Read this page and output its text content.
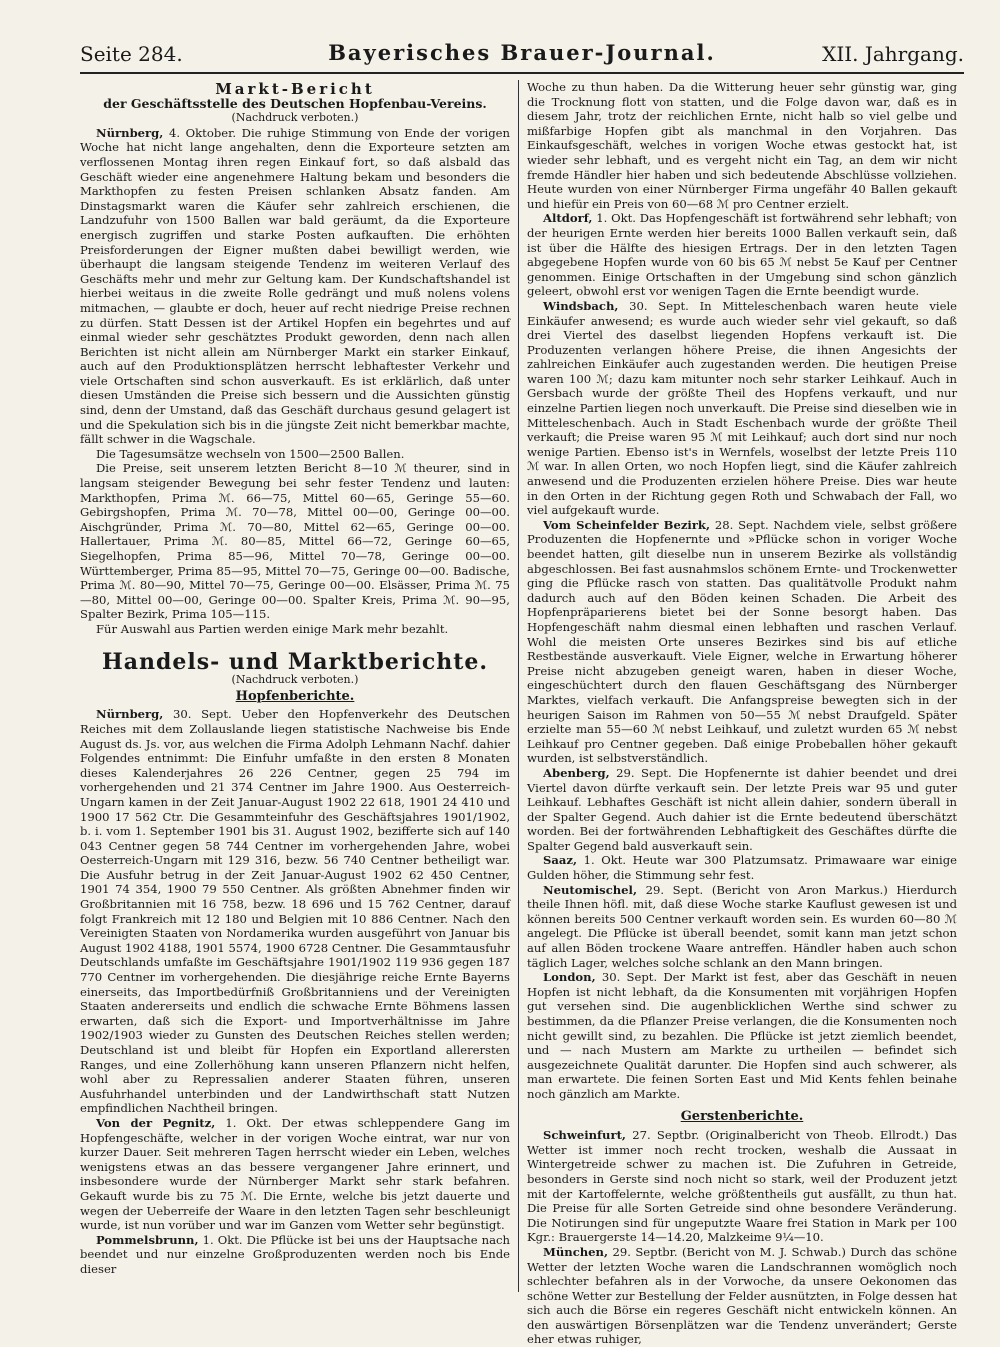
Seite 284.	Bayerisches Brauer-Journal.	XII. Jahrgang.
Markt-Bericht
der Geschäftsstelle des Deutschen Hopfenbau-Vereins.
(Nachdruck verboten.)

Nürnberg, 4. Oktober. Die ruhige Stimmung von Ende der vorigen Woche hat nicht lange angehalten, denn die Exporteure setzten am verflossenen Montag ihren regen Einkauf fort, so daß alsbald das Geschäft wieder eine angenehmere Haltung bekam und besonders die Markthopfen zu festen Preisen schlanken Absatz fanden. Am Dinstagsmarkt waren die Käufer sehr zahlreich erschienen, die Landzufuhr von 1500 Ballen war bald geräumt, da die Exporteure energisch zugriffen und starke Posten aufkauften. Die erhöhten Preisforderungen der Eigner mußten dabei bewilligt werden, wie überhaupt die langsam steigende Tendenz im weiteren Verlauf des Geschäfts mehr und mehr zur Geltung kam. Der Kundschaftshandel ist hierbei weitaus in die zweite Rolle gedrängt und muß nolens volens mitmachen, — glaubte er doch, heuer auf recht niedrige Preise rechnen zu dürfen. Statt Dessen ist der Artikel Hopfen ein begehrtes und auf einmal wieder sehr geschätztes Produkt geworden, denn nach allen Berichten ist nicht allein am Nürnberger Markt ein starker Einkauf, auch auf den Produktionsplätzen herrscht lebhaftester Verkehr und viele Ortschaften sind schon ausverkauft. Es ist erklärlich, daß unter diesen Umständen die Preise sich bessern und die Aussichten günstig sind, denn der Umstand, daß das Geschäft durchaus gesund gelagert ist und die Spekulation sich bis in die jüngste Zeit nicht bemerkbar machte, fällt schwer in die Wagschale.

Die Tagesumsätze wechseln von 1500—2500 Ballen.

Die Preise, seit unserem letzten Bericht 8—10 ℳ theurer, sind in langsam steigender Bewegung bei sehr fester Tendenz und lauten: Markthopfen, Prima ℳ. 66—75, Mittel 60—65, Geringe 55—60. Gebirgshopfen, Prima ℳ. 70—78, Mittel 00—00, Geringe 00—00. Aischgründer, Prima ℳ. 70—80, Mittel 62—65, Geringe 00—00. Hallertauer, Prima ℳ. 80—85, Mittel 66—72, Geringe 60—65, Siegelhopfen, Prima 85—96, Mittel 70—78, Geringe 00—00. Württemberger, Prima 85—95, Mittel 70—75, Geringe 00—00. Badische, Prima ℳ. 80—90, Mittel 70—75, Geringe 00—00. Elsässer, Prima ℳ. 75—80, Mittel 00—00, Geringe 00—00. Spalter Kreis, Prima ℳ. 90—95, Spalter Bezirk, Prima 105—115.

Für Auswahl aus Partien werden einige Mark mehr bezahlt.

Handels- und Marktberichte.
(Nachdruck verboten.)
Hopfenberichte.

Nürnberg, 30. Sept. Ueber den Hopfenverkehr des Deutschen Reiches mit dem Zollauslande liegen statistische Nachweise bis Ende August ds. Js. vor, aus welchen die Firma Adolph Lehmann Nachf. dahier Folgendes entnimmt: Die Einfuhr umfaßte in den ersten 8 Monaten dieses Kalenderjahres 26 226 Centner, gegen 25 794 im vorhergehenden und 21 374 Centner im Jahre 1900. Aus Oesterreich-Ungarn kamen in der Zeit Januar-August 1902 22 618, 1901 24 410 und 1900 17 562 Ctr. Die Gesammteinfuhr des Geschäftsjahres 1901/1902, b. i. vom 1. September 1901 bis 31. August 1902, bezifferte sich auf 140 043 Centner gegen 58 744 Centner im vorhergehenden Jahre, wobei Oesterreich-Ungarn mit 129 316, bezw. 56 740 Centner betheiligt war. Die Ausfuhr betrug in der Zeit Januar-August 1902 62 450 Centner, 1901 74 354, 1900 79 550 Centner. Als größten Abnehmer finden wir Großbritannien mit 16 758, bezw. 18 696 und 15 762 Centner, darauf folgt Frankreich mit 12 180 und Belgien mit 10 886 Centner. Nach den Vereinigten Staaten von Nordamerika wurden ausgeführt von Januar bis August 1902 4188, 1901 5574, 1900 6728 Centner. Die Gesammtausfuhr Deutschlands umfaßte im Geschäftsjahre 1901/1902 119 936 gegen 187 770 Centner im vorhergehenden. Die diesjährige reiche Ernte Bayerns einerseits, das Importbedürfniß Großbritanniens und der Vereinigten Staaten andererseits und endlich die schwache Ernte Böhmens lassen erwarten, daß sich die Export- und Importverhältnisse im Jahre 1902/1903 wieder zu Gunsten des Deutschen Reiches stellen werden; Deutschland ist und bleibt für Hopfen ein Exportland allerersten Ranges, und eine Zollerhöhung kann unseren Pflanzern nicht helfen, wohl aber zu Repressalien anderer Staaten führen, unseren Ausfuhrhandel unterbinden und der Landwirthschaft statt Nutzen empfindlichen Nachtheil bringen.

Von der Pegnitz, 1. Okt. Der etwas schleppendere Gang im Hopfengeschäfte, welcher in der vorigen Woche eintrat, war nur von kurzer Dauer. Seit mehreren Tagen herrscht wieder ein Leben, welches wenigstens etwas an das bessere vergangener Jahre erinnert, und insbesondere wurde der Nürnberger Markt sehr stark befahren. Gekauft wurde bis zu 75 ℳ. Die Ernte, welche bis jetzt dauerte und wegen der Ueberreife der Waare in den letzten Tagen sehr beschleunigt wurde, ist nun vorüber und war im Ganzen vom Wetter sehr begünstigt.

Pommelsbrunn, 1. Okt. Die Pflücke ist bei uns der Hauptsache nach beendet und nur einzelne Großproduzenten werden noch bis Ende dieser

Woche zu thun haben. Da die Witterung heuer sehr günstig war, ging die Trocknung flott von statten, und die Folge davon war, daß es in diesem Jahr, trotz der reichlichen Ernte, nicht halb so viel gelbe und mißfarbige Hopfen gibt als manchmal in den Vorjahren. Das Einkaufsgeschäft, welches in vorigen Woche etwas gestockt hat, ist wieder sehr lebhaft, und es vergeht nicht ein Tag, an dem wir nicht fremde Händler hier haben und sich bedeutende Abschlüsse vollziehen. Heute wurden von einer Nürnberger Firma ungefähr 40 Ballen gekauft und hiefür ein Preis von 60—68 ℳ pro Centner erzielt.

Altdorf, 1. Okt. Das Hopfengeschäft ist fortwährend sehr lebhaft; von der heurigen Ernte werden hier bereits 1000 Ballen verkauft sein, daß ist über die Hälfte des hiesigen Ertrags. Der in den letzten Tagen abgegebene Hopfen wurde von 60 bis 65 ℳ nebst 5e Kauf per Centner genommen. Einige Ortschaften in der Umgebung sind schon gänzlich geleert, obwohl erst vor wenigen Tagen die Ernte beendigt wurde.

Windsbach, 30. Sept. In Mitteleschenbach waren heute viele Einkäufer anwesend; es wurde auch wieder sehr viel gekauft, so daß drei Viertel des daselbst liegenden Hopfens verkauft ist. Die Produzenten verlangen höhere Preise, die ihnen Angesichts der zahlreichen Einkäufer auch zugestanden werden. Die heutigen Preise waren 100 ℳ; dazu kam mitunter noch sehr starker Leihkauf. Auch in Gersbach wurde der größte Theil des Hopfens verkauft, und nur einzelne Partien liegen noch unverkauft. Die Preise sind dieselben wie in Mitteleschenbach. Auch in Stadt Eschenbach wurde der größte Theil verkauft; die Preise waren 95 ℳ mit Leihkauf; auch dort sind nur noch wenige Partien. Ebenso ist's in Wernfels, woselbst der letzte Preis 110 ℳ war. In allen Orten, wo noch Hopfen liegt, sind die Käufer zahlreich anwesend und die Produzenten erzielen höhere Preise. Dies war heute in den Orten in der Richtung gegen Roth und Schwabach der Fall, wo viel aufgekauft wurde.

Vom Scheinfelder Bezirk, 28. Sept. Nachdem viele, selbst größere Produzenten die Hopfenernte und »Pflücke schon in voriger Woche beendet hatten, gilt dieselbe nun in unserem Bezirke als vollständig abgeschlossen. Bei fast ausnahmslos schönem Ernte- und Trockenwetter ging die Pflücke rasch von statten. Das qualitätvolle Produkt nahm dadurch auch auf den Böden keinen Schaden. Die Arbeit des Hopfenpräparierens bietet bei der Sonne besorgt haben. Das Hopfengeschäft nahm diesmal einen lebhaften und raschen Verlauf. Wohl die meisten Orte unseres Bezirkes sind bis auf etliche Restbestände ausverkauft. Viele Eigner, welche in Erwartung höherer Preise nicht abzugeben geneigt waren, haben in dieser Woche, eingeschüchtert durch den flauen Geschäftsgang des Nürnberger Marktes, vielfach verkauft. Die Anfangspreise bewegten sich in der heurigen Saison im Rahmen von 50—55 ℳ nebst Draufgeld. Später erzielte man 55—60 ℳ nebst Leihkauf, und zuletzt wurden 65 ℳ nebst Leihkauf pro Centner gegeben. Daß einige Probeballen höher gekauft wurden, ist selbstverständlich.

Abenberg, 29. Sept. Die Hopfenernte ist dahier beendet und drei Viertel davon dürfte verkauft sein. Der letzte Preis war 95 und guter Leihkauf. Lebhaftes Geschäft ist nicht allein dahier, sondern überall in der Spalter Gegend. Auch dahier ist die Ernte bedeutend überschätzt worden. Bei der fortwährenden Lebhaftigkeit des Geschäftes dürfte die Spalter Gegend bald ausverkauft sein.

Saaz, 1. Okt. Heute war 300 Platzumsatz. Primawaare war einige Gulden höher, die Stimmung sehr fest.

Neutomischel, 29. Sept. (Bericht von Aron Markus.) Hierdurch theile Ihnen höfl. mit, daß diese Woche starke Kauflust gewesen ist und können bereits 500 Centner verkauft worden sein. Es wurden 60—80 ℳ angelegt. Die Pflücke ist überall beendet, somit kann man jetzt schon auf allen Böden trockene Waare antreffen. Händler haben auch schon täglich Lager, welches solche schlank an den Mann bringen.

London, 30. Sept. Der Markt ist fest, aber das Geschäft in neuen Hopfen ist nicht lebhaft, da die Konsumenten mit vorjährigen Hopfen gut versehen sind. Die augenblicklichen Werthe sind schwer zu bestimmen, da die Pflanzer Preise verlangen, die die Konsumenten noch nicht gewillt sind, zu bezahlen. Die Pflücke ist jetzt ziemlich beendet, und — nach Mustern am Markte zu urtheilen — befindet sich ausgezeichnete Qualität darunter. Die Hopfen sind auch schwerer, als man erwartete. Die feinen Sorten East und Mid Kents fehlen beinahe noch gänzlich am Markte.

Gerstenberichte.

Schweinfurt, 27. Septbr. (Originalbericht von Theob. Ellrodt.) Das Wetter ist immer noch recht trocken, weshalb die Aussaat in Wintergetreide schwer zu machen ist. Die Zufuhren in Getreide, besonders in Gerste sind noch nicht so stark, weil der Produzent jetzt mit der Kartoffelernte, welche größtentheils gut ausfällt, zu thun hat. Die Preise für alle Sorten Getreide sind ohne besondere Veränderung. Die Notirungen sind für ungeputzte Waare frei Station in Mark per 100 Kgr.: Brauergerste 14—14.20, Malzkeime 9¼—10.

München, 29. Septbr. (Bericht von M. J. Schwab.) Durch das schöne Wetter der letzten Woche waren die Landschrannen womöglich noch schlechter befahren als in der Vorwoche, da unsere Oekonomen das schöne Wetter zur Bestellung der Felder ausnützten, in Folge dessen hat sich auch die Börse ein regeres Geschäft nicht entwickeln können. An den auswärtigen Börsenplätzen war die Tendenz unverändert; Gerste eher etwas ruhiger,
